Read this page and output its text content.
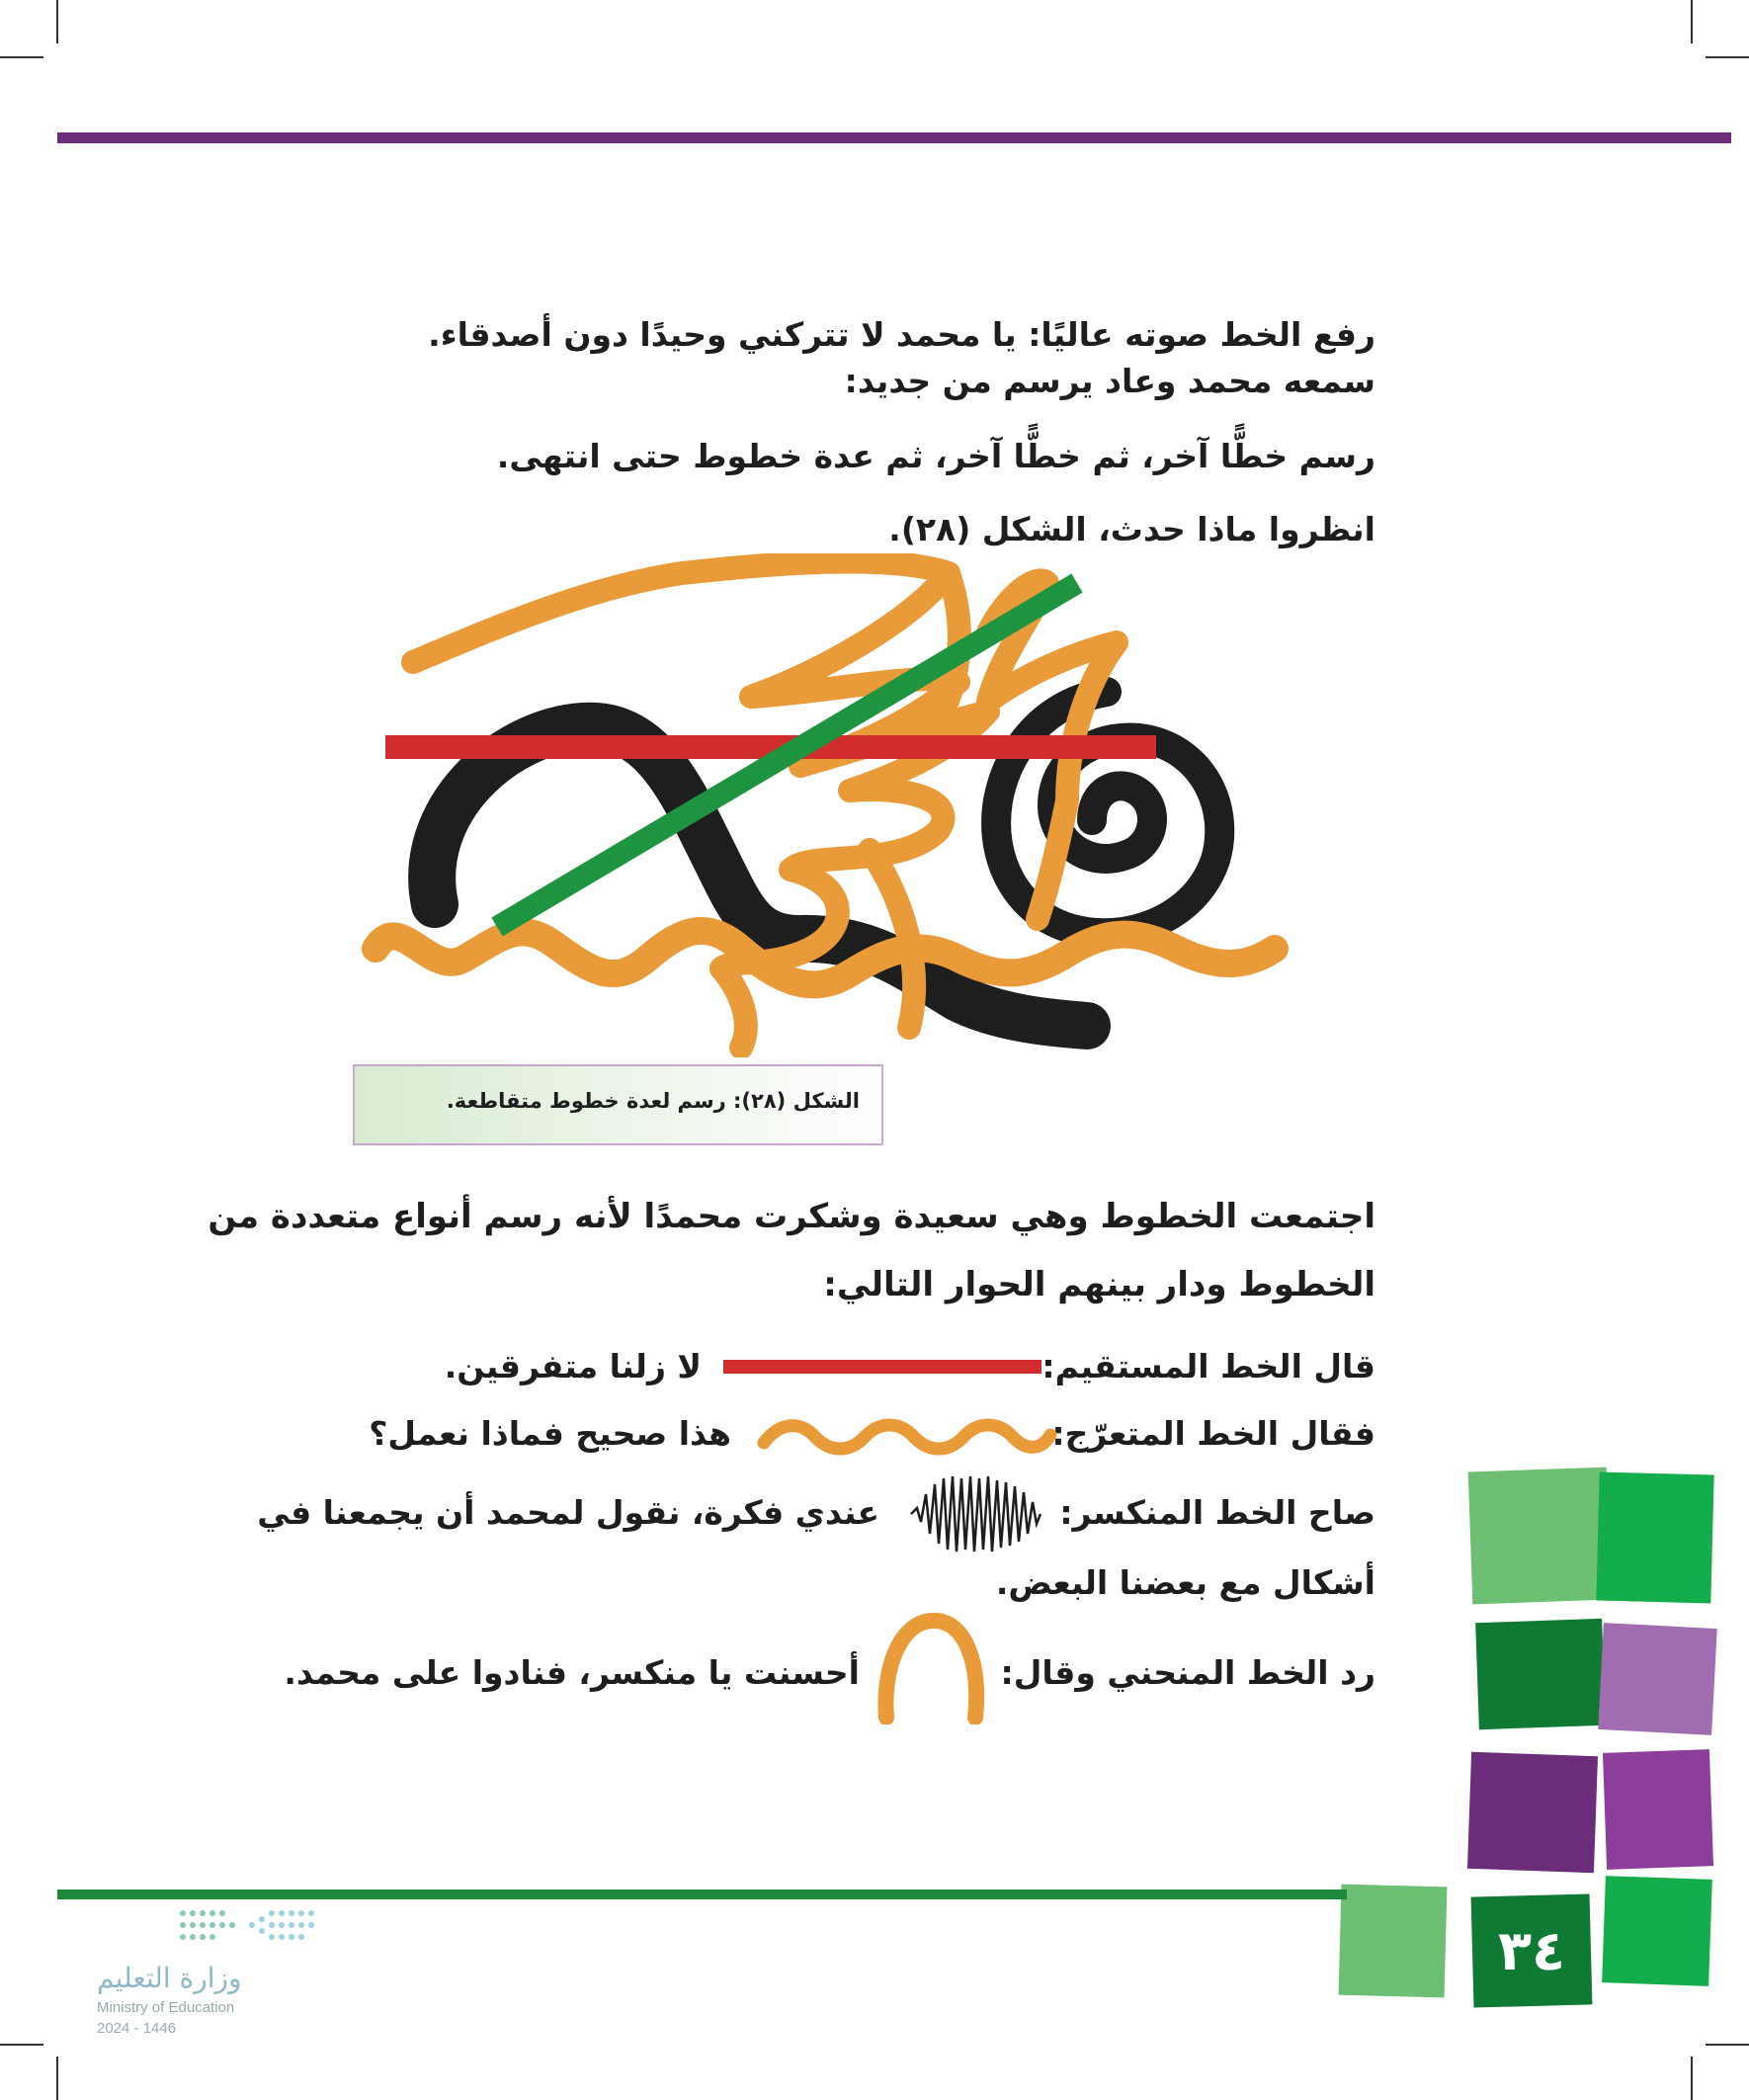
رفع الخط صوته عاليًا: يا محمد لا تتركني وحيدًا دون أصدقاء.
سمعه محمد وعاد يرسم من جديد:
رسم خطًّا آخر، ثم خطًّا آخر، ثم عدة خطوط حتى انتهى.
انظروا ماذا حدث، الشكل (٢٨).
الشكل (٢٨): رسم لعدة خطوط متقاطعة.
اجتمعت الخطوط وهي سعيدة وشكرت محمدًا لأنه رسم أنواع متعددة من
الخطوط ودار بينهم الحوار التالي:
قال الخط المستقيم:
لا زلنا متفرقين.
فقال الخط المتعرّج:
هذا صحيح فماذا نعمل؟
صاح الخط المنكسر:
عندي فكرة، نقول لمحمد أن يجمعنا في
أشكال مع بعضنا البعض.
رد الخط المنحني وقال:
أحسنت يا منكسر، فنادوا على محمد.
٣٤
وزارة التعليم
Ministry of Education
2024 - 1446
